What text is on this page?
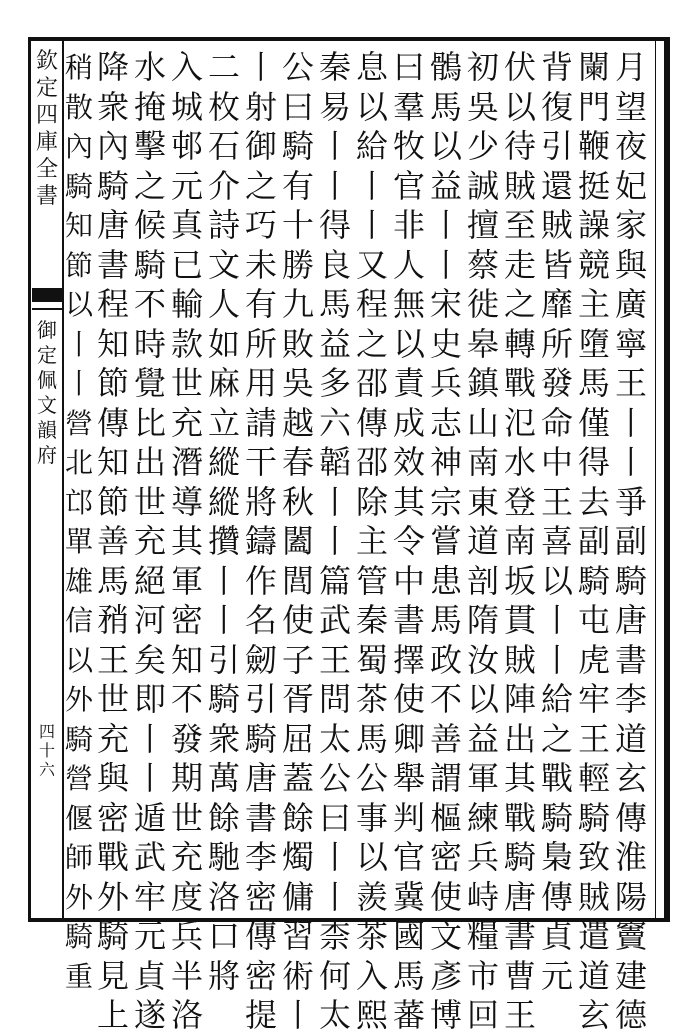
欽定四庫全書
御定佩文韻府
四十六
月望夜妃家與廣寧王丨丨爭副騎唐書李道玄傳淮陽竇建德
闌門鞭挺譟競主墮馬僅得去副騎屯虎牢王輕騎致賊遣道玄
背復引還賊皆靡所發命中王喜以丨丨給之戰騎梟傳貞元
伏以待賊至走之轉戰氾水登南坂貫賊陣出其戰騎唐書曹王
初吳少誠擅蔡徙皋鎮山南東道剖隋汝以益軍練兵峙糧市回
鶻馬以益丨丨宋史兵志神宗嘗患馬政不善謂樞密使文彥博
曰羣牧官非人無以責成效其令中書擇使卿舉判官冀國馬蕃
息以給丨丨又程之邵傳邵除主管秦蜀茶馬公事以羨茶入熙
秦易丨丨得良馬益多六韜丨丨篇武王問太公曰丨丨柰何太
公曰騎有十勝九敗吳越春秋闔閭使子胥屈蓋餘燭傭習術丨
丨射御之巧未有所用請干將鑄作名劒引騎唐書李密傳密提
二枚石介詩文人如麻立縱縱攢丨丨引騎衆萬餘馳洛口將
入城邨元真已輸款世充潛導其軍密知不發期世充度兵半洛
水掩擊之候騎不時覺比出世充絕河矣即丨丨遁武牢元貞遂
降衆內騎唐書程知節傳知節善馬矟王世充與密戰外騎見上
稍散內騎知節以丨丨營北邙單雄信以外騎營偃師外騎重
